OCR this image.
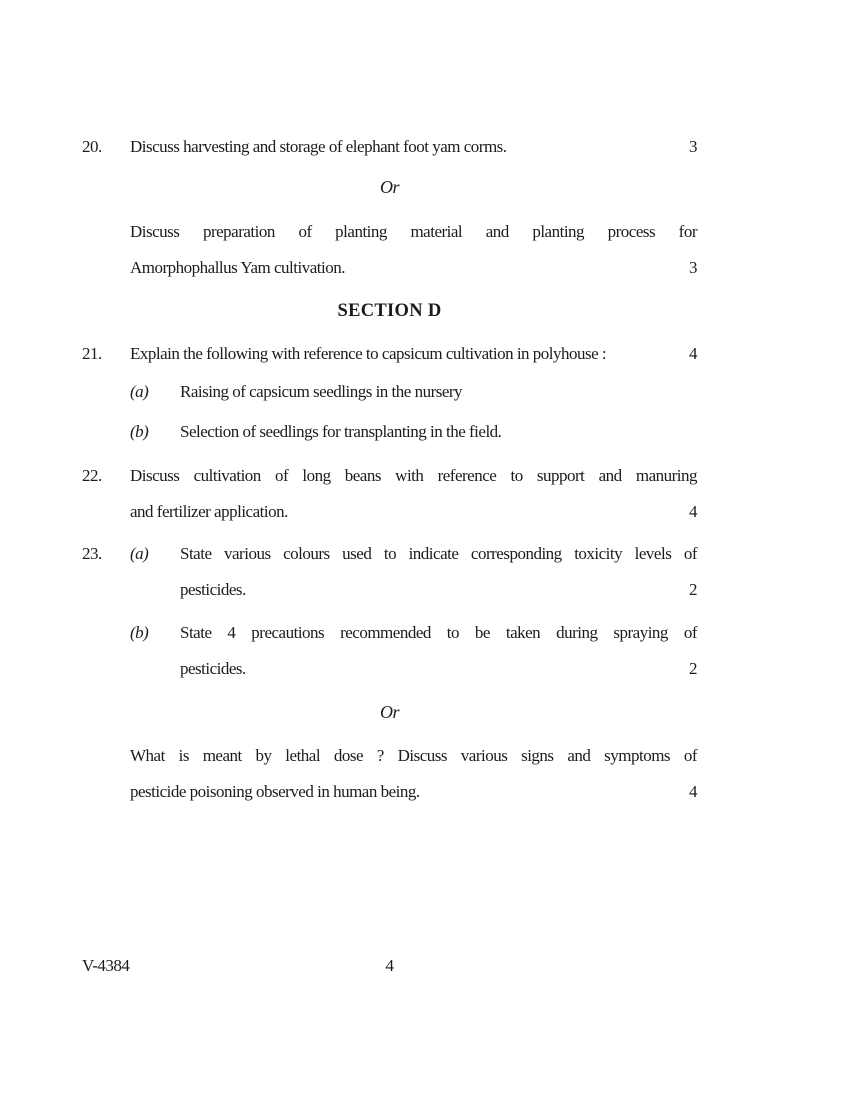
20.	Discuss harvesting and storage of elephant foot yam corms.	3
Or
Discuss preparation of planting material and planting process for
Amorphophallus Yam cultivation.	3
SECTION D
21.	Explain the following with reference to capsicum cultivation in polyhouse :	4
(a)	Raising of capsicum seedlings in the nursery
(b)	Selection of seedlings for transplanting in the field.
22.	Discuss cultivation of long beans with reference to support and manuring
and fertilizer application.	4
23.	(a)	State various colours used to indicate corresponding toxicity levels of
pesticides.	2
(b)	State 4 precautions recommended to be taken during spraying of
pesticides.	2
Or
What is meant by lethal dose ? Discuss various signs and symptoms of
pesticide poisoning observed in human being.	4
V-4384	4
